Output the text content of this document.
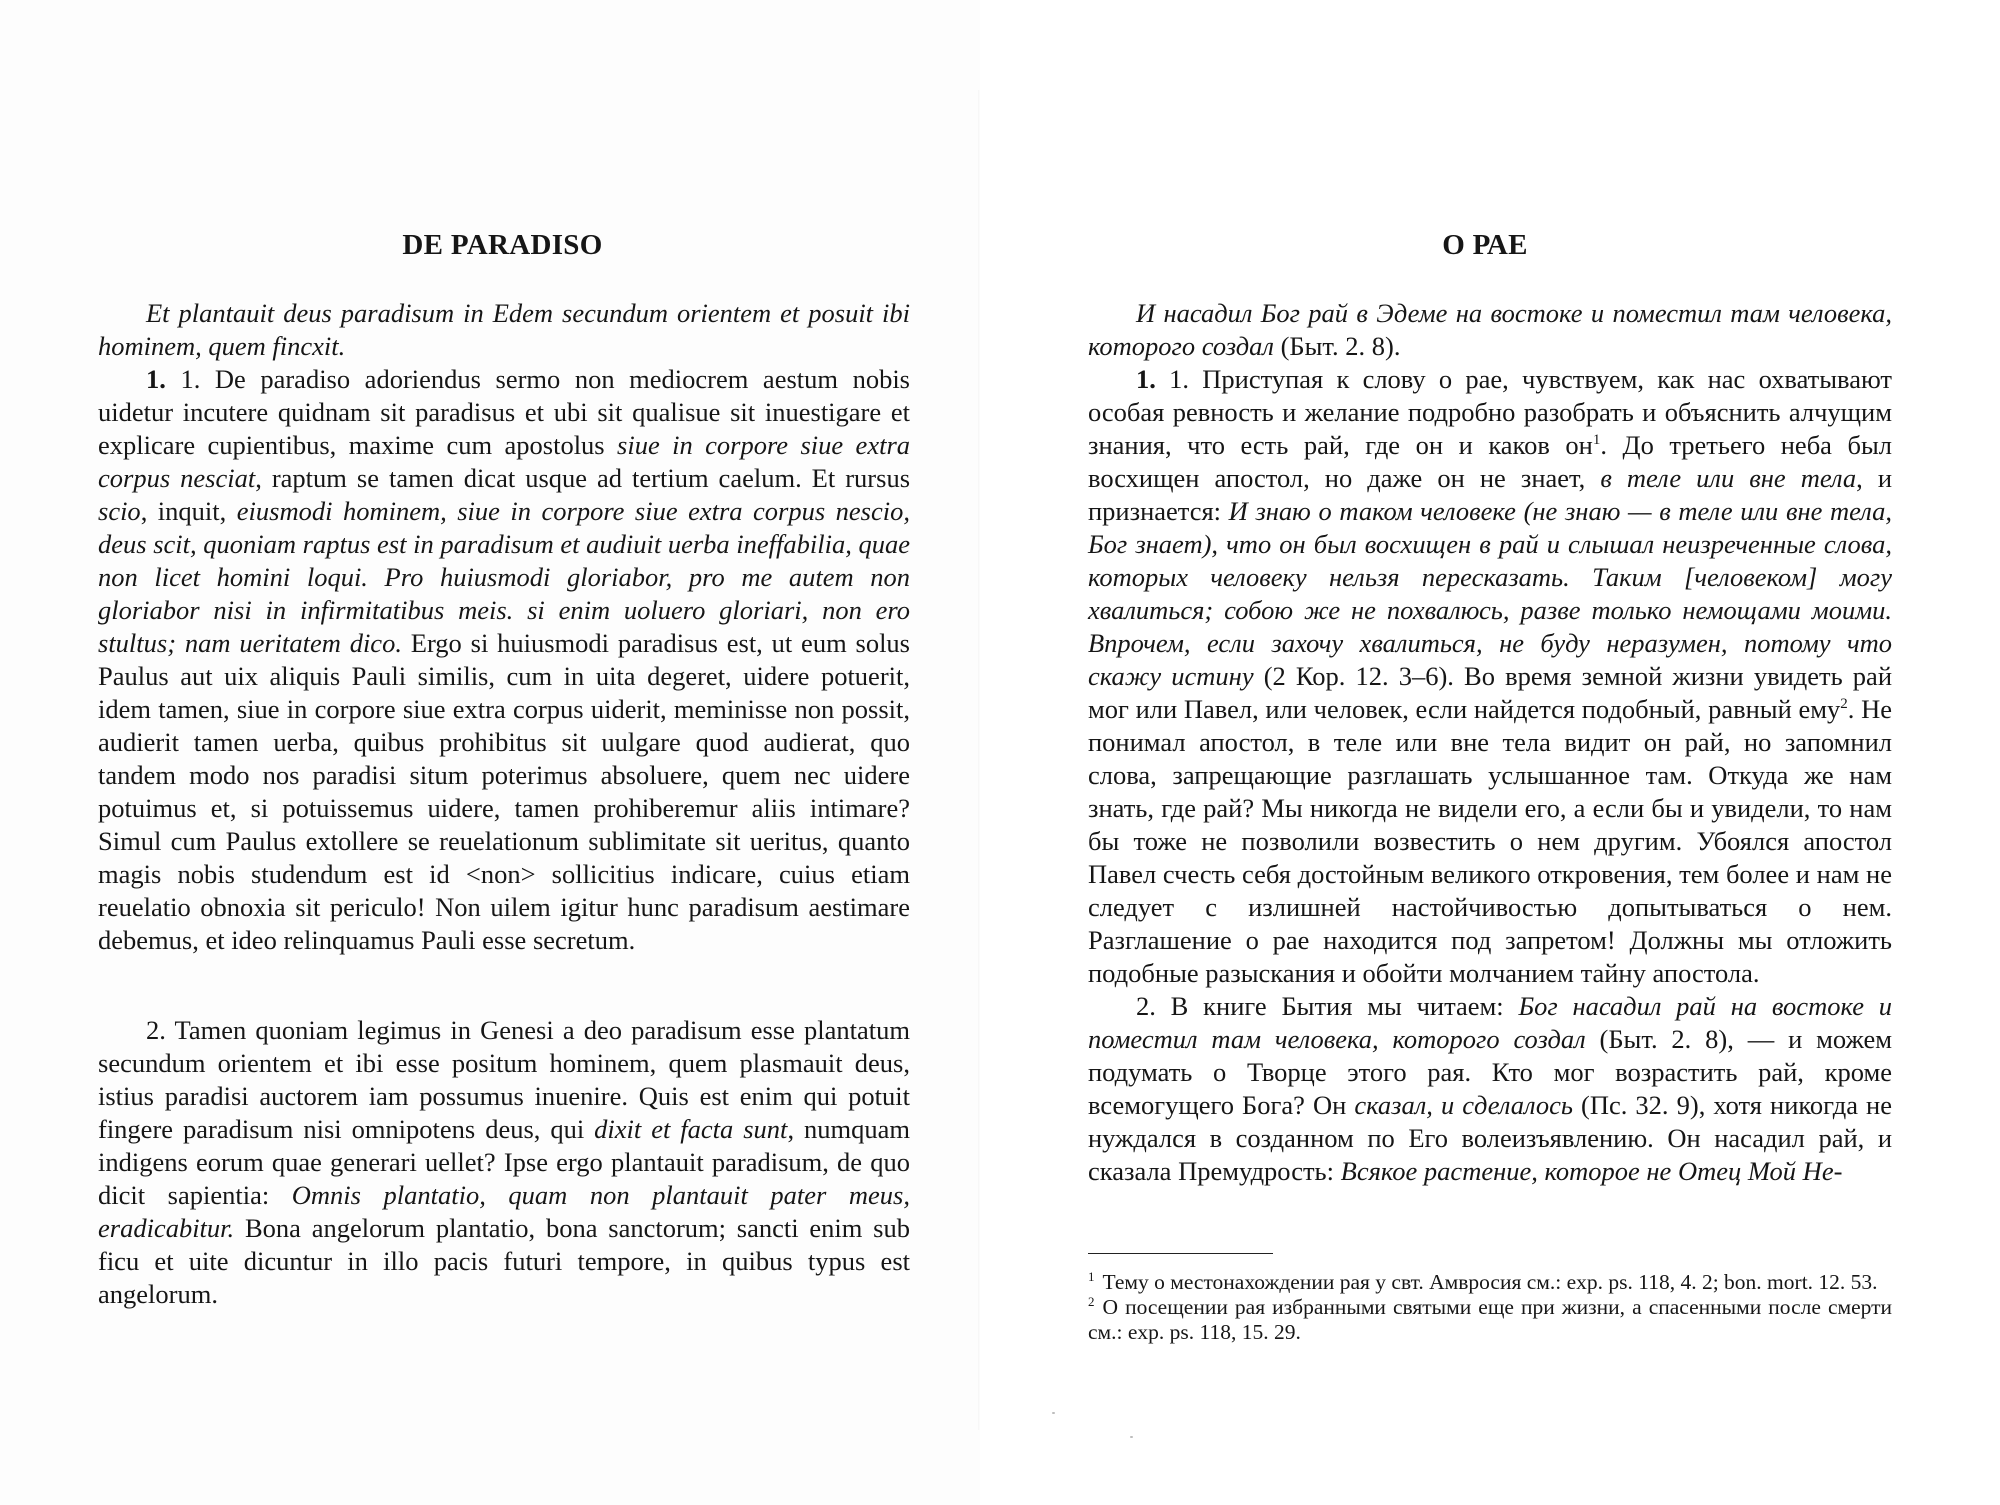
DE PARADISO

Et plantauit deus paradisum in Edem secundum orientem et posuit ibi hominem, quem fincxit.

1. 1. De paradiso adoriendus sermo non mediocrem aestum nobis uidetur incutere quidnam sit paradisus et ubi sit qualisue sit inuestigare et explicare cupientibus, maxime cum apostolus siue in corpore siue extra corpus nesciat, raptum se tamen dicat usque ad tertium caelum. Et rursus scio, inquit, eiusmodi hominem, siue in corpore siue extra corpus nescio, deus scit, quoniam raptus est in paradisum et audiuit uerba ineffabilia, quae non licet homini loqui. Pro huiusmodi gloriabor, pro me autem non gloriabor nisi in infirmitatibus meis. si enim uoluero gloriari, non ero stultus; nam ueritatem dico. Ergo si huiusmodi paradisus est, ut eum solus Paulus aut uix aliquis Pauli similis, cum in uita degeret, uidere potuerit, idem tamen, siue in corpore siue extra corpus uiderit, meminisse non possit, audierit tamen uerba, quibus prohibitus sit uulgare quod audierat, quo tandem modo nos paradisi situm poterimus absoluere, quem nec uidere potuimus et, si potuissemus uidere, tamen prohiberemur aliis intimare? Simul cum Paulus extollere se reuelationum sublimitate sit ueritus, quanto magis nobis studendum est id <non> sollicitius indicare, cuius etiam reuelatio obnoxia sit periculo! Non uilem igitur hunc paradisum aestimare debemus, et ideo relinquamus Pauli esse secretum.

2. Tamen quoniam legimus in Genesi a deo paradisum esse plantatum secundum orientem et ibi esse positum hominem, quem plasmauit deus, istius paradisi auctorem iam possumus inuenire. Quis est enim qui potuit fingere paradisum nisi omnipotens deus, qui dixit et facta sunt, numquam indigens eorum quae generari uellet? Ipse ergo plantauit paradisum, de quo dicit sapientia: Omnis plantatio, quam non plantauit pater meus, eradicabitur. Bona angelorum plantatio, bona sanctorum; sancti enim sub ficu et uite dicuntur in illo pacis futuri tempore, in quibus typus est angelorum.

О РАЕ

И насадил Бог рай в Эдеме на востоке и поместил там человека, которого создал (Быт. 2. 8).

1. 1. Приступая к слову о рае, чувствуем, как нас охватывают особая ревность и желание подробно разобрать и объяснить алчущим знания, что есть рай, где он и каков $он^1$. До третьего неба был восхищен апостол, но даже он не знает, в теле или вне тела, и признается: И знаю о таком человеке (не знаю — в теле или вне тела, Бог знает), что он был восхищен в рай и слышал неизреченные слова, которых человеку нельзя пересказать. Таким [человеком] могу хвалиться; собою же не похвалюсь, разве только немощами моими. Впрочем, если захочу хвалиться, не буду неразумен, потому что скажу истину (2 Кор. 12. 3–6). Во время земной жизни увидеть рай мог или Павел, или человек, если найдется подобный, равный ему$^2$. Не понимал апостол, в теле или вне тела видит он рай, но запомнил слова, запрещающие разглашать услышанное там. Откуда же нам знать, где рай? Мы никогда не видели его, а если бы и увидели, то нам бы тоже не позволили возвестить о нем другим. Убоялся апостол Павел счесть себя достойным великого откровения, тем более и нам не следует с излишней настойчивостью допытываться о нем. Разглашение о рае находится под запретом! Должны мы отложить подобные разыскания и обойти молчанием тайну апостола.

2. В книге Бытия мы читаем: Бог насадил рай на востоке и поместил там человека, которого создал (Быт. 2. 8), — и можем подумать о Творце этого рая. Кто мог возрастить рай, кроме всемогущего Бога? Он сказал, и сделалось (Пс. 32. 9), хотя никогда не нуждался в созданном по Его волеизъявлению. Он насадил рай, и сказала Премудрость: Всякое растение, которое не Отец Мой Не-

$^1$ Тему о местонахождении рая у свт. Амвросия см.: exp. ps. 118, 4. 2; bon. mort. 12. 53.

$^2$ О посещении рая избранными святыми еще при жизни, а спасенными после смерти см.: exp. ps. 118, 15. 29.
